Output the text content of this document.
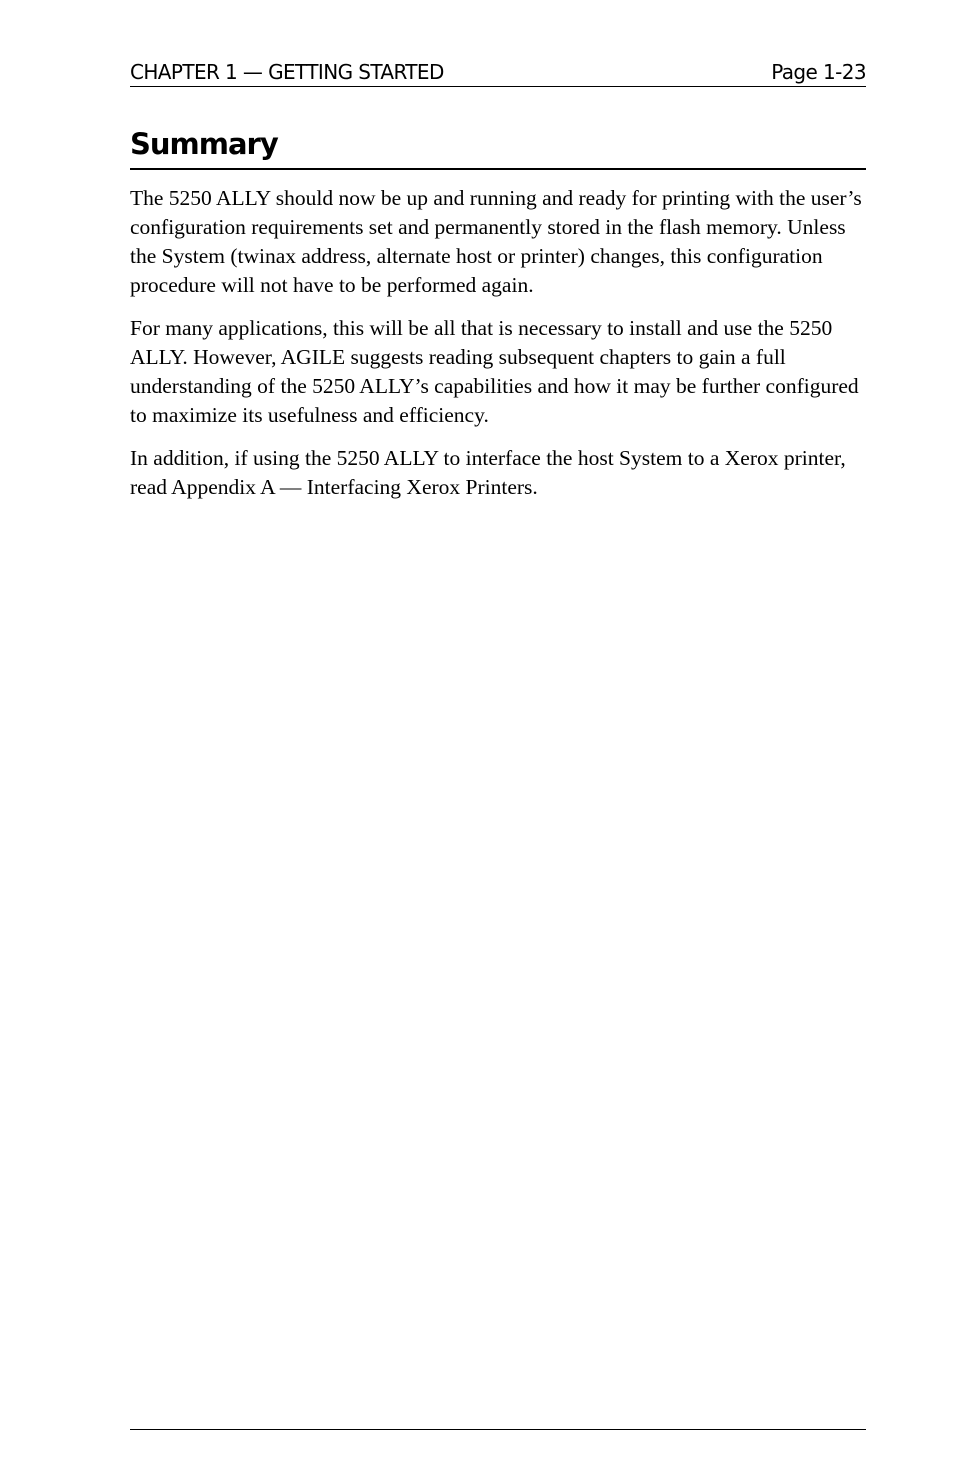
CHAPTER 1 — GETTING STARTED	Page 1-23
Summary

The 5250 ALLY should now be up and running and ready for printing with the user’s configuration requirements set and permanently stored in the flash memory. Unless the System (twinax address, alternate host or printer) changes, this configuration procedure will not have to be performed again.

For many applications, this will be all that is necessary to install and use the 5250 ALLY. However, AGILE suggests reading subsequent chapters to gain a full understanding of the 5250 ALLY’s capabilities and how it may be further configured to maximize its usefulness and efficiency.

In addition, if using the 5250 ALLY to interface the host System to a Xerox printer, read Appendix A — Interfacing Xerox Printers.
